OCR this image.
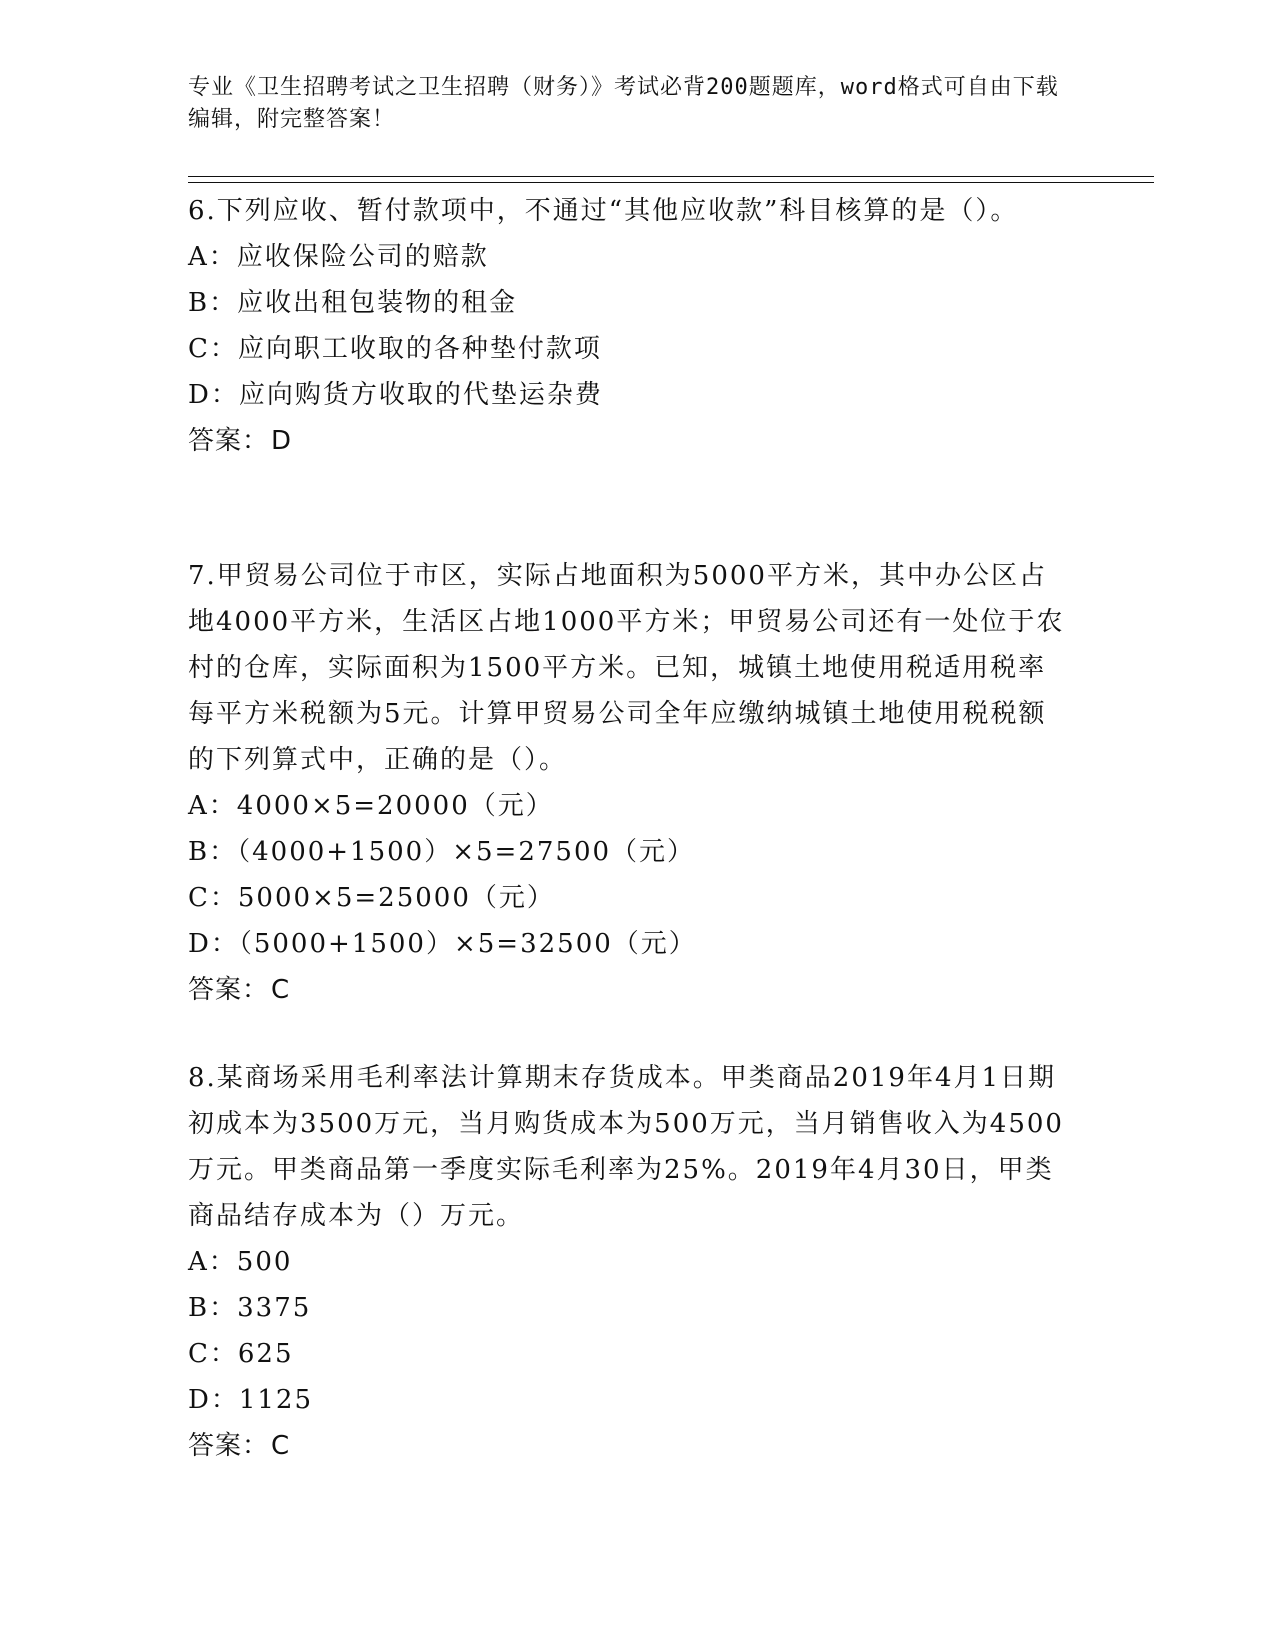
专业《卫生招聘考试之卫生招聘（财务）》考试必背200题题库，word格式可自由下载编辑，附完整答案！
6.下列应收、暂付款项中，不通过“其他应收款”科目核算的是（）。
A：应收保险公司的赔款
B：应收出租包装物的租金
C：应向职工收取的各种垫付款项
D：应向购货方收取的代垫运杂费
答案：D
7.甲贸易公司位于市区，实际占地面积为5000平方米，其中办公区占地4000平方米，生活区占地1000平方米；甲贸易公司还有一处位于农村的仓库，实际面积为1500平方米。已知，城镇土地使用税适用税率每平方米税额为5元。计算甲贸易公司全年应缴纳城镇土地使用税税额的下列算式中，正确的是（）。
A：4000×5=20000（元）
B：（4000+1500）×5=27500（元）
C：5000×5=25000（元）
D：（5000+1500）×5=32500（元）
答案：C
8.某商场采用毛利率法计算期末存货成本。甲类商品2019年4月1日期初成本为3500万元，当月购货成本为500万元，当月销售收入为4500万元。甲类商品第一季度实际毛利率为25%。2019年4月30日，甲类商品结存成本为（）万元。
A：500
B：3375
C：625
D：1125
答案：C
